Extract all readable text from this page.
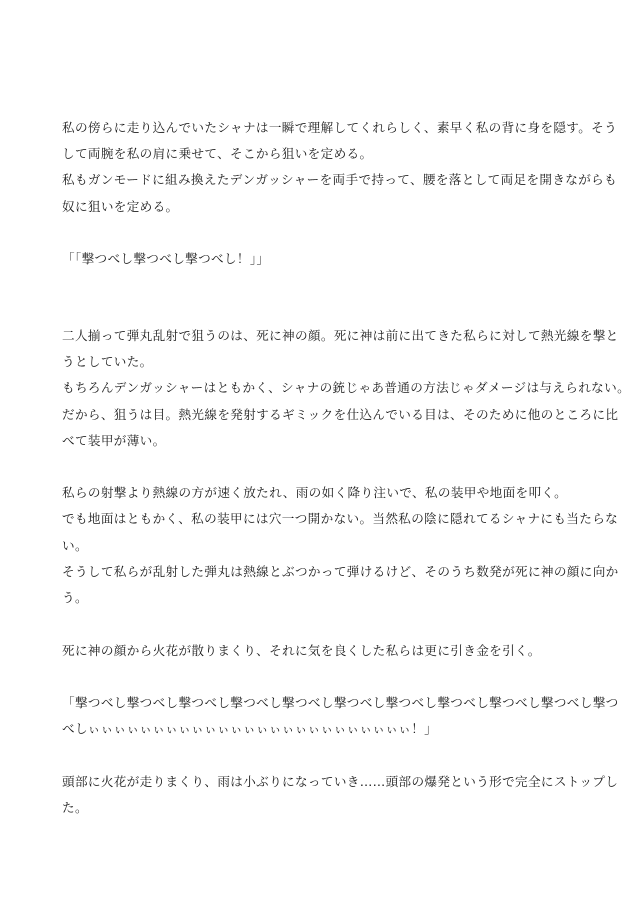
私の傍らに走り込んでいたシャナは一瞬で理解してくれらしく、素早く私の背に身を隠す。そう
して両腕を私の肩に乗せて、そこから狙いを定める。
私もガンモードに組み換えたデンガッシャーを両手で持って、腰を落として両足を開きながらも
奴に狙いを定める。
「「撃つべし撃つべし撃つべし！」」
二人揃って弾丸乱射で狙うのは、死に神の顔。死に神は前に出てきた私らに対して熱光線を撃と
うとしていた。
もちろんデンガッシャーはともかく、シャナの銃じゃあ普通の方法じゃダメージは与えられない。
だから、狙うは目。熱光線を発射するギミックを仕込んでいる目は、そのために他のところに比
べて装甲が薄い。
私らの射撃より熱線の方が速く放たれ、雨の如く降り注いで、私の装甲や地面を叩く。
でも地面はともかく、私の装甲には穴一つ開かない。当然私の陰に隠れてるシャナにも当たらな
い。
そうして私らが乱射した弾丸は熱線とぶつかって弾けるけど、そのうち数発が死に神の顔に向か
う。
死に神の顔から火花が散りまくり、それに気を良くした私らは更に引き金を引く。
「撃つべし撃つべし撃つべし撃つべし撃つべし撃つべし撃つべし撃つべし撃つべし撃つべし撃つ
べしぃぃぃぃぃぃぃぃぃぃぃぃぃぃぃぃぃぃぃぃぃぃぃぃぃ！」
頭部に火花が走りまくり、雨は小ぶりになっていき……頭部の爆発という形で完全にストップし
た。
